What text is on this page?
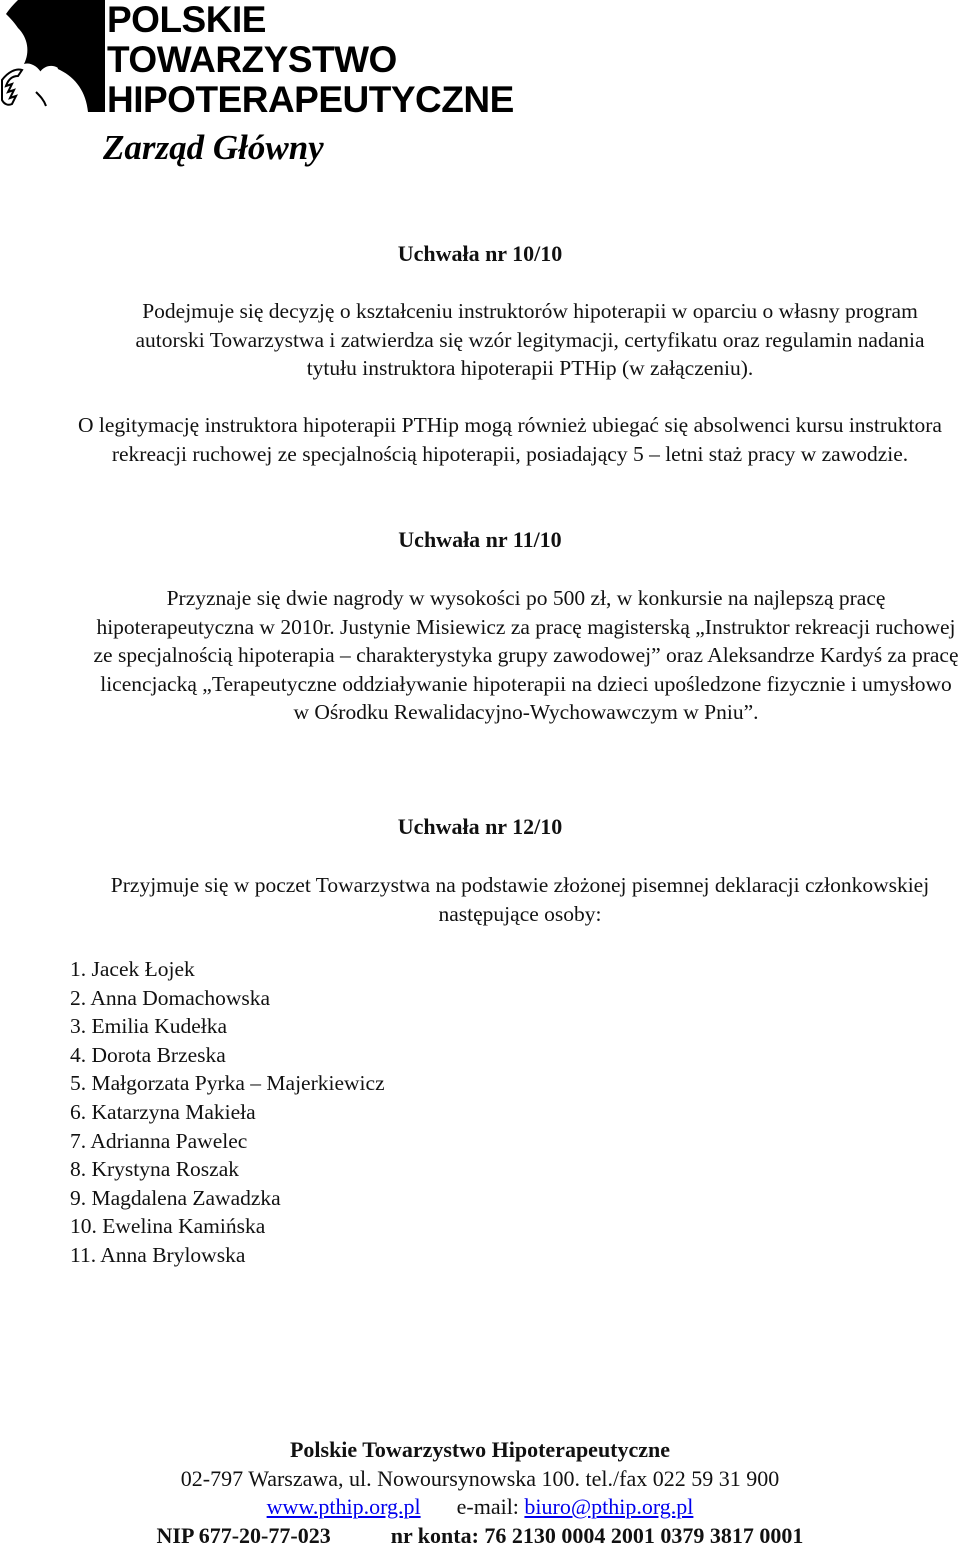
POLSKIE
TOWARZYSTWO
HIPOTERAPEUTYCZNE
Zarząd Główny
Uchwała nr 10/10

Podejmuje się decyzję o kształceniu instruktorów hipoterapii w oparciu o własny program autorski Towarzystwa i zatwierdza się wzór legitymacji, certyfikatu oraz regulamin nadania tytułu instruktora hipoterapii PTHip (w załączeniu).

O legitymację instruktora hipoterapii PTHip mogą również ubiegać się absolwenci kursu instruktora rekreacji ruchowej ze specjalnością hipoterapii, posiadający 5 – letni staż pracy w zawodzie.

Uchwała nr 11/10

Przyznaje się dwie nagrody w wysokości po 500 zł, w konkursie na najlepszą pracę hipoterapeutyczna w 2010r. Justynie Misiewicz za pracę magisterską „Instruktor rekreacji ruchowej ze specjalnością hipoterapia – charakterystyka grupy zawodowej” oraz Aleksandrze Kardyś za pracę licencjacką „Terapeutyczne oddziaływanie hipoterapii na dzieci upośledzone fizycznie i umysłowo w Ośrodku Rewalidacyjno-Wychowawczym w Pniu”.

Uchwała nr 12/10

Przyjmuje się w poczet Towarzystwa na podstawie złożonej pisemnej deklaracji członkowskiej następujące osoby:

1. Jacek Łojek
2. Anna Domachowska
3. Emilia Kudełka
4. Dorota Brzeska
5. Małgorzata Pyrka – Majerkiewicz
6. Katarzyna Makieła
7. Adrianna Pawelec
8. Krystyna Roszak
9. Magdalena Zawadzka
10. Ewelina Kamińska
11. Anna Brylowska
Polskie Towarzystwo Hipoterapeutyczne
02-797 Warszawa, ul. Nowoursynowska 100. tel./fax 022 59 31 900
www.pthip.org.pl e-mail: biuro@pthip.org.pl
NIP 677-20-77-023	nr konta: 76 2130 0004 2001 0379 3817 0001
